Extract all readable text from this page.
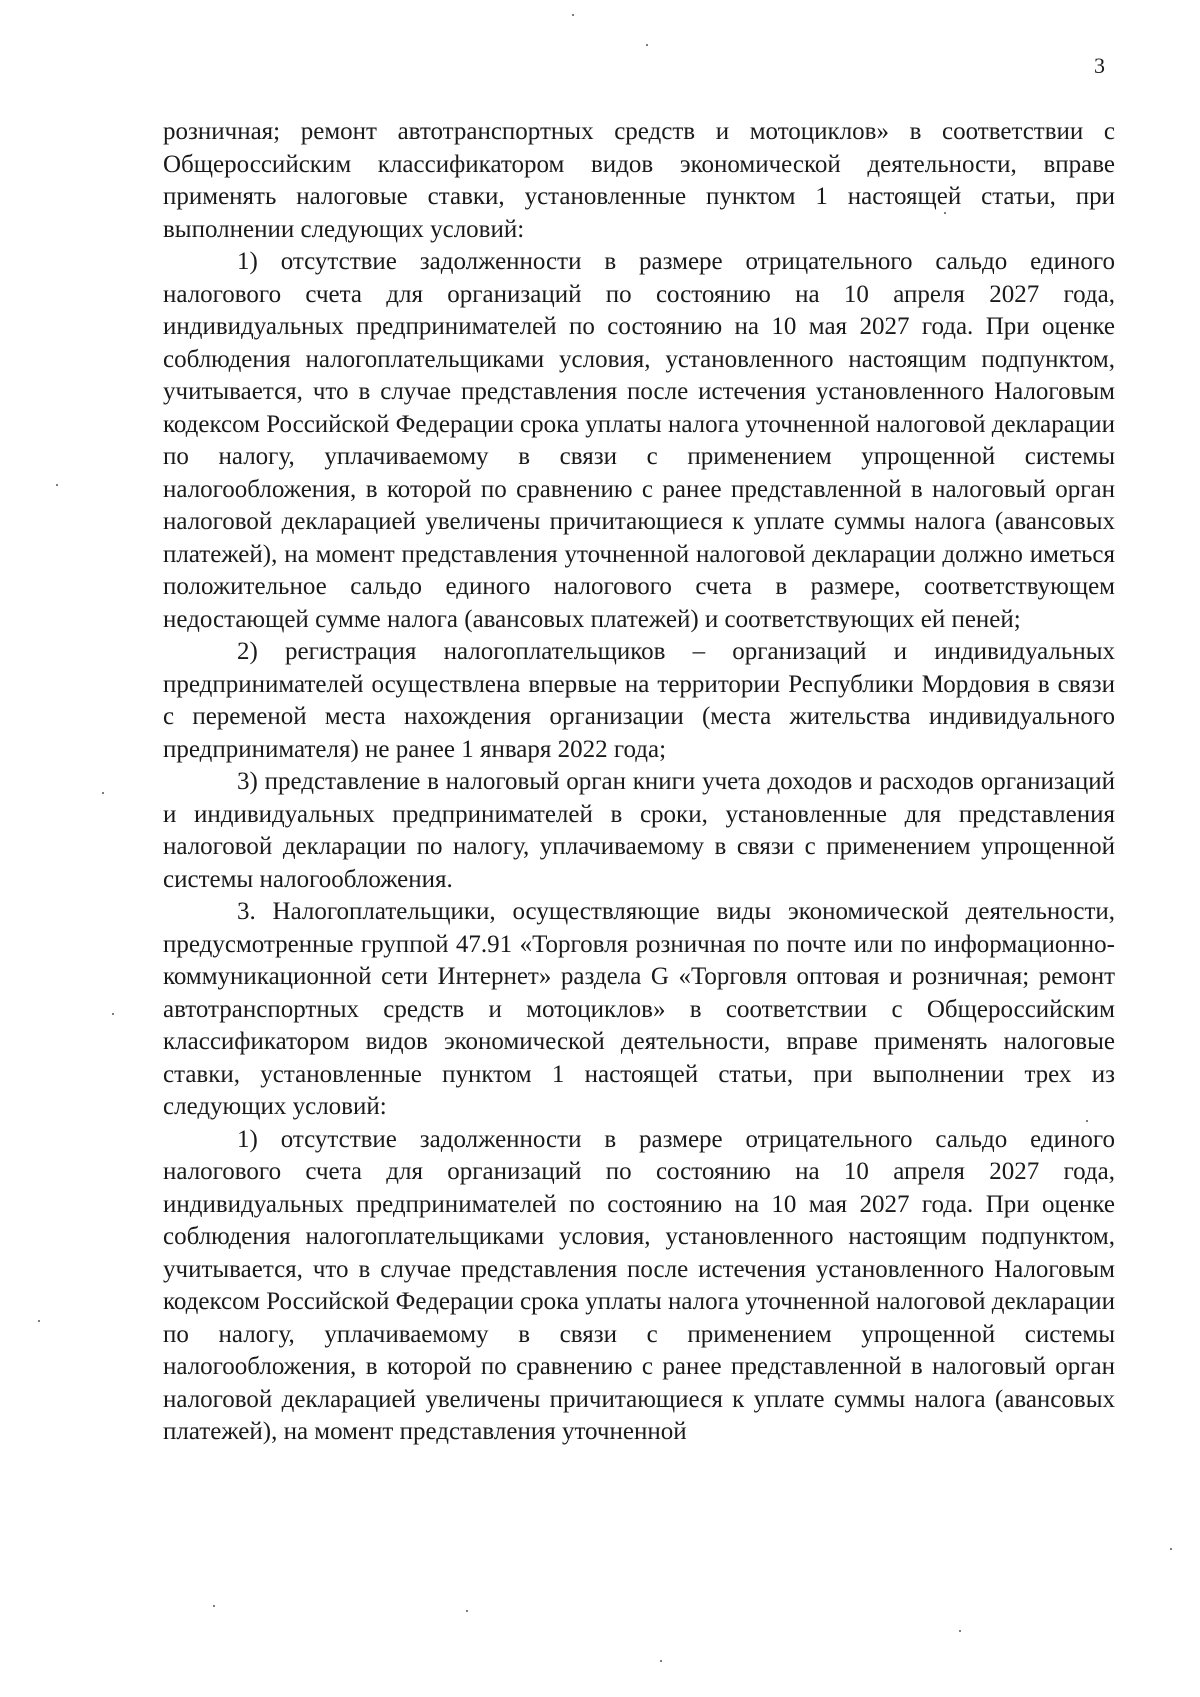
3

розничная; ремонт автотранспортных средств и мотоциклов» в соответствии с Общероссийским классификатором видов экономической деятельности, вправе применять налоговые ставки, установленные пунктом 1 настоящей статьи, при выполнении следующих условий:

1) отсутствие задолженности в размере отрицательного сальдо единого налогового счета для организаций по состоянию на 10 апреля 2027 года, индивидуальных предпринимателей по состоянию на 10 мая 2027 года. При оценке соблюдения налогоплательщиками условия, установленного настоящим подпунктом, учитывается, что в случае представления после истечения установленного Налоговым кодексом Российской Федерации срока уплаты налога уточненной налоговой декларации по налогу, уплачиваемому в связи с применением упрощенной системы налогообложения, в которой по сравнению с ранее представленной в налоговый орган налоговой декларацией увеличены причитающиеся к уплате суммы налога (авансовых платежей), на момент представления уточненной налоговой декларации должно иметься положительное сальдо единого налогового счета в размере, соответствующем недостающей сумме налога (авансовых платежей) и соответствующих ей пеней;

2) регистрация налогоплательщиков – организаций и индивидуальных предпринимателей осуществлена впервые на территории Республики Мордовия в связи с переменой места нахождения организации (места жительства индивидуального предпринимателя) не ранее 1 января 2022 года;

3) представление в налоговый орган книги учета доходов и расходов организаций и индивидуальных предпринимателей в сроки, установленные для представления налоговой декларации по налогу, уплачиваемому в связи с применением упрощенной системы налогообложения.

3. Налогоплательщики, осуществляющие виды экономической деятельности, предусмотренные группой 47.91 «Торговля розничная по почте или по информационно-коммуникационной сети Интернет» раздела G «Торговля оптовая и розничная; ремонт автотранспортных средств и мотоциклов» в соответствии с Общероссийским классификатором видов экономической деятельности, вправе применять налоговые ставки, установленные пунктом 1 настоящей статьи, при выполнении трех из следующих условий:

1) отсутствие задолженности в размере отрицательного сальдо единого налогового счета для организаций по состоянию на 10 апреля 2027 года, индивидуальных предпринимателей по состоянию на 10 мая 2027 года. При оценке соблюдения налогоплательщиками условия, установленного настоящим подпунктом, учитывается, что в случае представления после истечения установленного Налоговым кодексом Российской Федерации срока уплаты налога уточненной налоговой декларации по налогу, уплачиваемому в связи с применением упрощенной системы налогообложения, в которой по сравнению с ранее представленной в налоговый орган налоговой декларацией увеличены причитающиеся к уплате суммы налога (авансовых платежей), на момент представления уточненной
